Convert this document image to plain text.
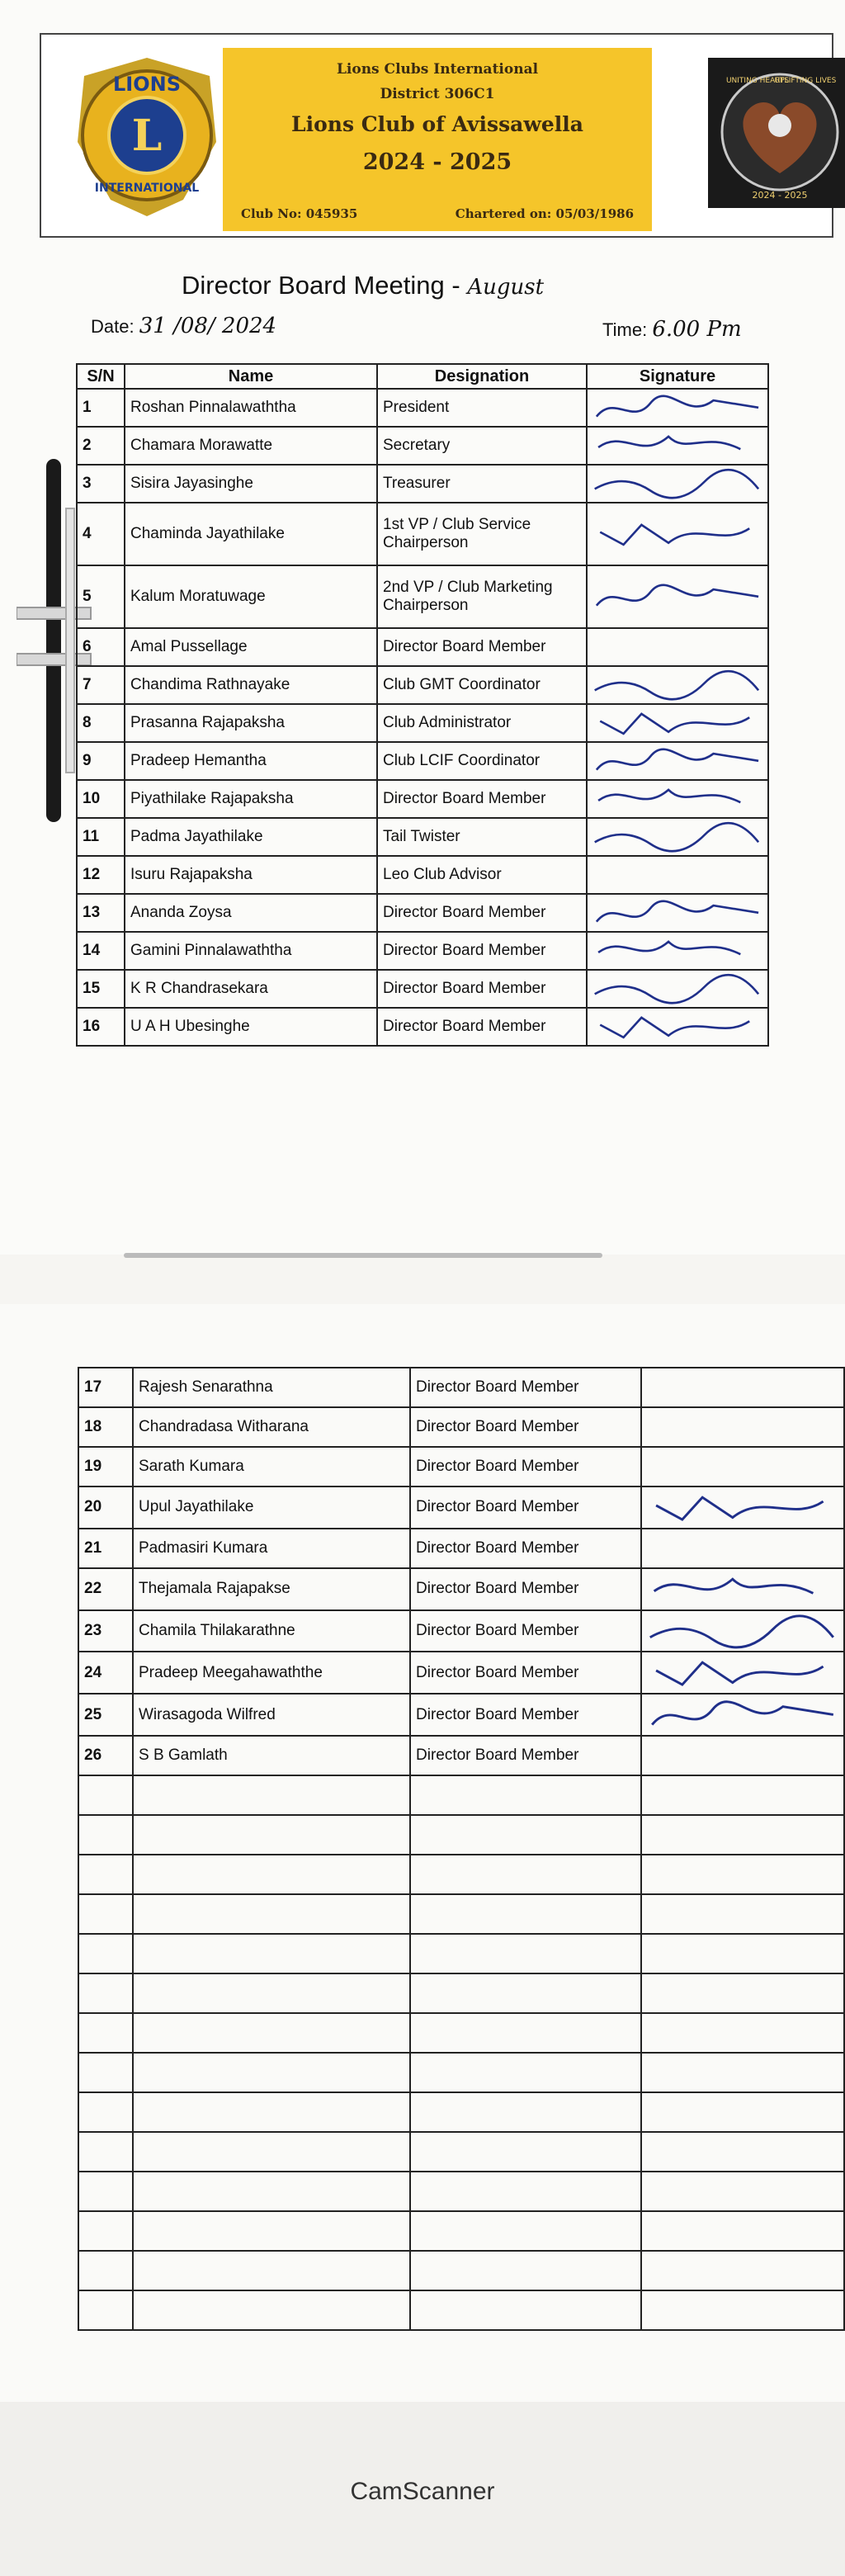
L
LIONS
INTERNATIONAL
Lions Clubs International
District 306C1
Lions Club of Avissawella
2024 - 2025
Club No: 045935	Chartered on: 05/03/1986
UNITING HEARTS
UPLIFTING LIVES
2024 - 2025
Director Board Meeting - August
Date: 31 /08/ 2024	Time: 6.00 Pm
S/N	Name	Designation	Signature
1	Roshan Pinnalawaththa	President	

2	Chamara Morawatte	Secretary	

3	Sisira Jayasinghe	Treasurer	

4	Chaminda Jayathilake	1st VP / Club Service Chairperson	

5	Kalum Moratuwage	2nd VP / Club Marketing Chairperson	

6	Amal Pussellage	Director Board Member	
7	Chandima Rathnayake	Club GMT Coordinator	

8	Prasanna Rajapaksha	Club Administrator	

9	Pradeep Hemantha	Club LCIF Coordinator	

10	Piyathilake Rajapaksha	Director Board Member	

11	Padma Jayathilake	Tail Twister	

12	Isuru Rajapaksha	Leo Club Advisor	
13	Ananda Zoysa	Director Board Member	

14	Gamini Pinnalawaththa	Director Board Member	

15	K R Chandrasekara	Director Board Member	

16	U A H Ubesinghe	Director Board Member	
17	Rajesh Senarathna	Director Board Member	
18	Chandradasa Witharana	Director Board Member	
19	Sarath Kumara	Director Board Member	
20	Upul Jayathilake	Director Board Member	

21	Padmasiri Kumara	Director Board Member	
22	Thejamala Rajapakse	Director Board Member	

23	Chamila Thilakarathne	Director Board Member	

24	Pradeep Meegahawaththe	Director Board Member	

25	Wirasagoda Wilfred	Director Board Member	

26	S B Gamlath	Director Board Member	

CamScanner
